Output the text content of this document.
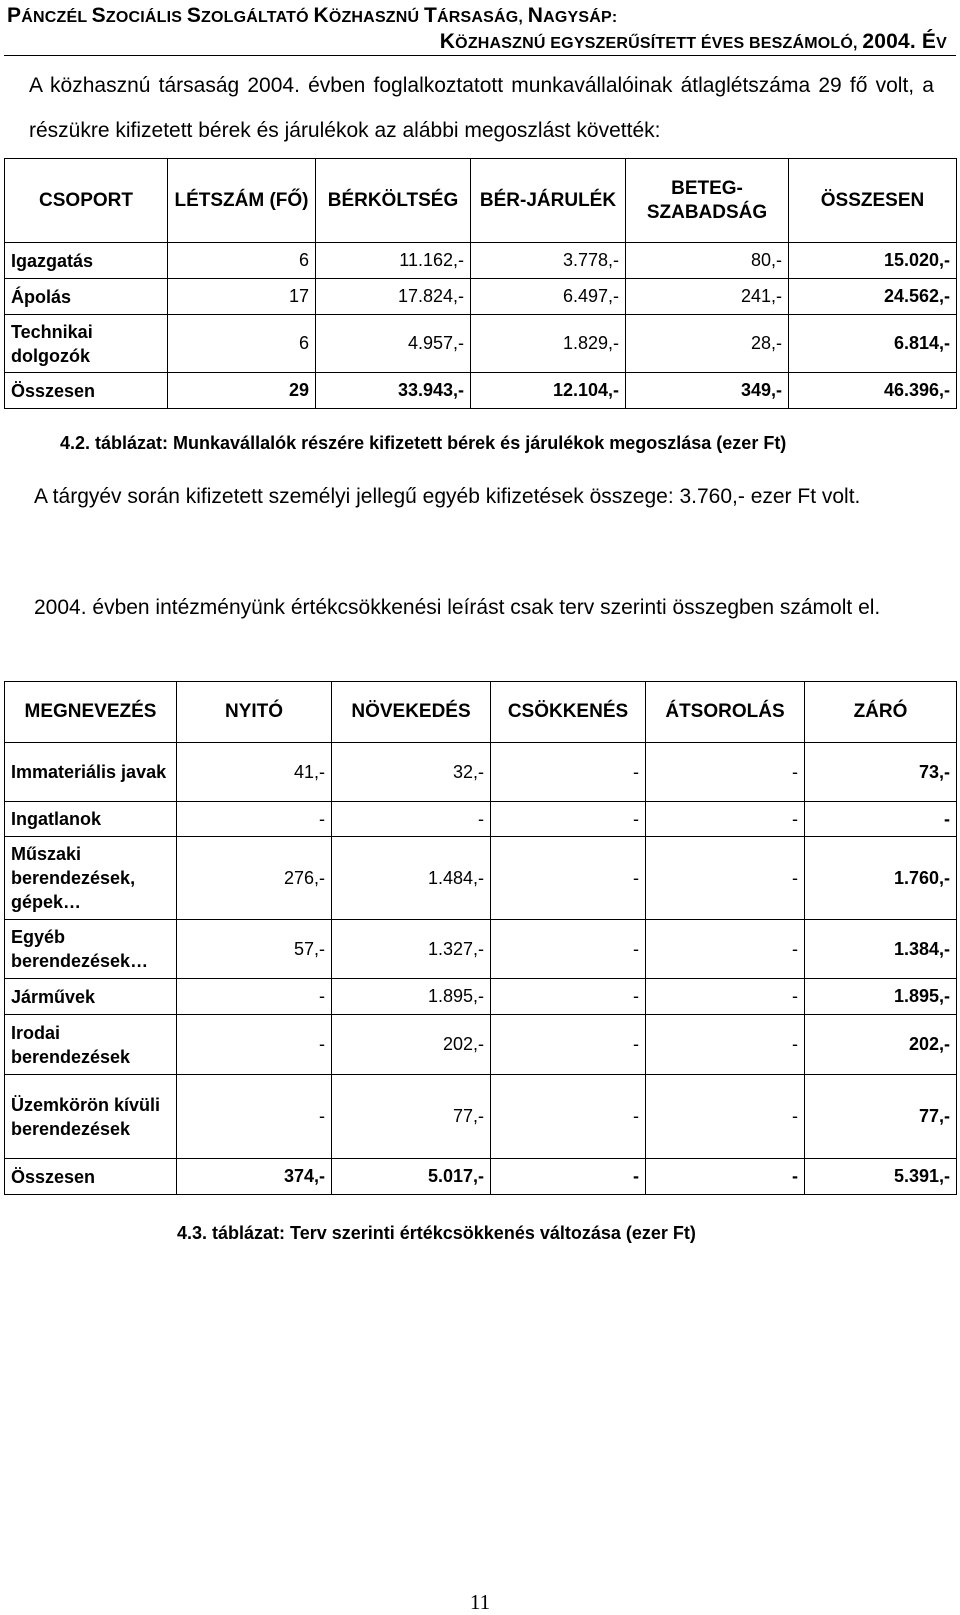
PÁNCZÉL SZOCIÁLIS SZOLGÁLTATÓ KÖZHASZNÚ TÁRSASÁG, NAGYSÁP:
KÖZHASZNÚ EGYSZERŰSÍTETT ÉVES BESZÁMOLÓ, 2004. ÉV
A közhasznú társaság 2004. évben foglalkoztatott munkavállalóinak átlaglétszáma 29 fő volt, a részükre kifizetett bérek és járulékok az alábbi megoszlást követték:
CSOPORT	LÉTSZÁM (FŐ)	BÉRKÖLTSÉG	BÉR-JÁRULÉK	BETEG-SZABADSÁG	ÖSSZESEN
Igazgatás	6	11.162,-	3.778,-	80,-	15.020,-
Ápolás	17	17.824,-	6.497,-	241,-	24.562,-
Technikai dolgozók	6	4.957,-	1.829,-	28,-	6.814,-
Összesen	29	33.943,-	12.104,-	349,-	46.396,-
4.2. táblázat: Munkavállalók részére kifizetett bérek és járulékok megoszlása (ezer Ft)
A tárgyév során kifizetett személyi jellegű egyéb kifizetések összege: 3.760,- ezer Ft volt.
2004. évben intézményünk értékcsökkenési leírást csak terv szerinti összegben számolt el.
MEGNEVEZÉS	NYITÓ	NÖVEKEDÉS	CSÖKKENÉS	ÁTSOROLÁS	ZÁRÓ
Immateriális javak	41,-	32,-	-	-	73,-
Ingatlanok	-	-	-	-	-
Műszaki berendezések, gépek…	276,-	1.484,-	-	-	1.760,-
Egyéb berendezések…	57,-	1.327,-	-	-	1.384,-
Járművek	-	1.895,-	-	-	1.895,-
Irodai berendezések	-	202,-	-	-	202,-
Üzemkörön kívüli berendezések	-	77,-	-	-	77,-
Összesen	374,-	5.017,-	-	-	5.391,-
4.3. táblázat: Terv szerinti értékcsökkenés változása (ezer Ft)
11
